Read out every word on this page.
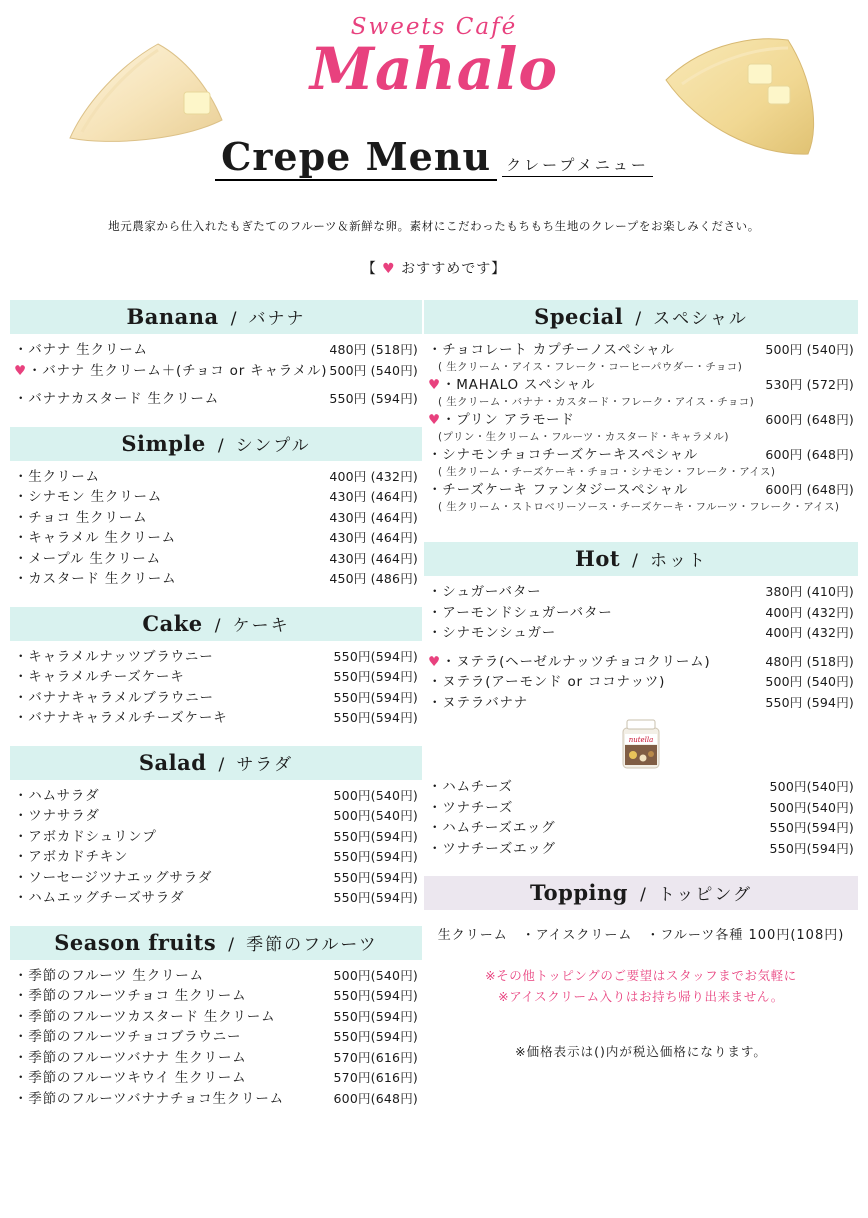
Sweets Café
Mahalo
Crepe Menu クレープメニュー
地元農家から仕入れたもぎたてのフルーツ＆新鮮な卵。素材にこだわったもちもち生地のクレープをお楽しみください。
【 ♥ おすすめです】
Banana / バナナ
・バナナ 生クリーム	480円 (518円)
♥ ・バナナ 生クリーム＋(チョコ or キャラメル) 500円 (540円)
・バナナカスタード 生クリーム	550円 (594円)
Simple / シンプル
・生クリーム	400円 (432円)
・シナモン 生クリーム	430円 (464円)
・チョコ 生クリーム	430円 (464円)
・キャラメル 生クリーム	430円 (464円)
・メープル 生クリーム	430円 (464円)
・カスタード 生クリーム	450円 (486円)
Cake / ケーキ
・キャラメルナッツブラウニー	550円(594円)
・キャラメルチーズケーキ	550円(594円)
・バナナキャラメルブラウニー	550円(594円)
・バナナキャラメルチーズケーキ	550円(594円)
Salad / サラダ
・ハムサラダ	500円(540円)
・ツナサラダ	500円(540円)
・アボカドシュリンプ	550円(594円)
・アボカドチキン	550円(594円)
・ソーセージツナエッグサラダ	550円(594円)
・ハムエッグチーズサラダ	550円(594円)
Season fruits / 季節のフルーツ
・季節のフルーツ 生クリーム	500円(540円)
・季節のフルーツチョコ 生クリーム	550円(594円)
・季節のフルーツカスタード 生クリーム	550円(594円)
・季節のフルーツチョコブラウニー	550円(594円)
・季節のフルーツバナナ 生クリーム	570円(616円)
・季節のフルーツキウイ 生クリーム	570円(616円)
・季節のフルーツバナナチョコ生クリーム	600円(648円)
Special / スペシャル
・チョコレート カプチーノスペシャル	500円 (540円)
( 生クリーム・アイス・フレーク・コーヒーパウダー・チョコ)
♥ ・MAHALO スペシャル	530円 (572円)
( 生クリーム・バナナ・カスタード・フレーク・アイス・チョコ)
♥ ・プリン アラモード	600円 (648円)
(プリン・生クリーム・フルーツ・カスタード・キャラメル)
・シナモンチョコチーズケーキスペシャル	600円 (648円)
( 生クリーム・チーズケーキ・チョコ・シナモン・フレーク・アイス)
・チーズケーキ ファンタジースペシャル	600円 (648円)
( 生クリーム・ストロベリーソース・チーズケーキ・フルーツ・フレーク・アイス)
Hot / ホット
・シュガーバター	380円 (410円)
・アーモンドシュガーバター	400円 (432円)
・シナモンシュガー	400円 (432円)
♥ ・ヌテラ(ヘーゼルナッツチョコクリーム)	480円 (518円)
・ヌテラ(アーモンド or ココナッツ)	500円 (540円)
・ヌテラバナナ	550円 (594円)
nutella
・ハムチーズ	500円(540円)
・ツナチーズ	500円(540円)
・ハムチーズエッグ	550円(594円)
・ツナチーズエッグ	550円(594円)
Topping / トッピング
生クリーム　・アイスクリーム　・フルーツ各種 100円(108円)
※その他トッピングのご要望はスタッフまでお気軽に
※アイスクリーム入りはお持ち帰り出来ません。
※価格表示は()内が税込価格になります。
